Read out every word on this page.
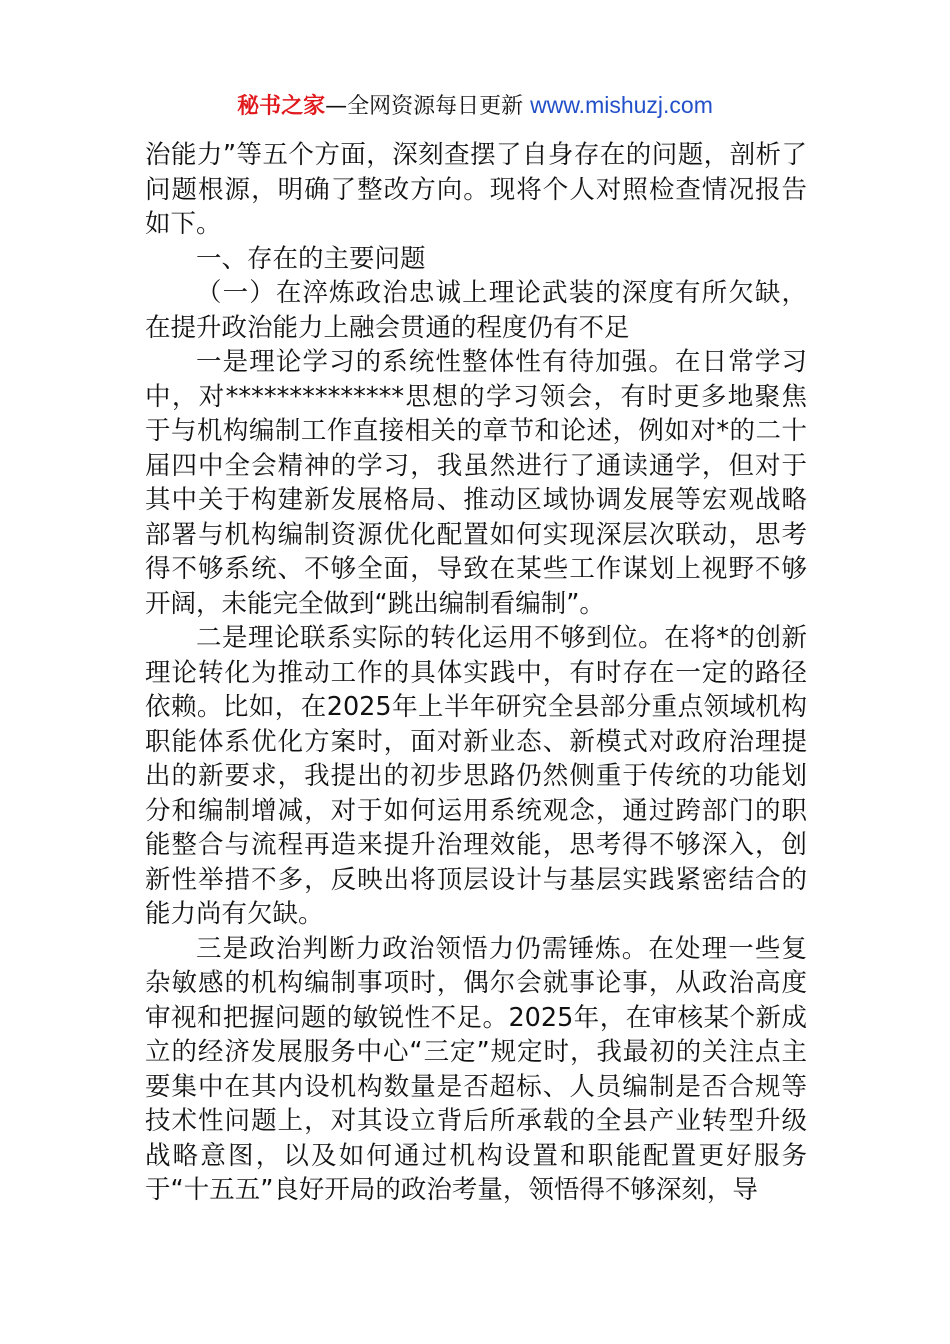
秘书之家—全网资源每日更新 www.mishuzj.com

治能力”等五个方面，深刻查摆了自身存在的问题，剖析了问题根源，明确了整改方向。现将个人对照检查情况报告如下。

一、存在的主要问题

（一）在淬炼政治忠诚上理论武装的深度有所欠缺，在提升政治能力上融会贯通的程度仍有不足

一是理论学习的系统性整体性有待加强。在日常学习中，对**************思想的学习领会，有时更多地聚焦于与机构编制工作直接相关的章节和论述，例如对*的二十届四中全会精神的学习，我虽然进行了通读通学，但对于其中关于构建新发展格局、推动区域协调发展等宏观战略部署与机构编制资源优化配置如何实现深层次联动，思考得不够系统、不够全面，导致在某些工作谋划上视野不够开阔，未能完全做到“跳出编制看编制”。

二是理论联系实际的转化运用不够到位。在将*的创新理论转化为推动工作的具体实践中，有时存在一定的路径依赖。比如，在2025年上半年研究全县部分重点领域机构职能体系优化方案时，面对新业态、新模式对政府治理提出的新要求，我提出的初步思路仍然侧重于传统的功能划分和编制增减，对于如何运用系统观念，通过跨部门的职能整合与流程再造来提升治理效能，思考得不够深入，创新性举措不多，反映出将顶层设计与基层实践紧密结合的能力尚有欠缺。

三是政治判断力政治领悟力仍需锤炼。在处理一些复杂敏感的机构编制事项时，偶尔会就事论事，从政治高度审视和把握问题的敏锐性不足。2025年，在审核某个新成立的经济发展服务中心“三定”规定时，我最初的关注点主要集中在其内设机构数量是否超标、人员编制是否合规等技术性问题上，对其设立背后所承载的全县产业转型升级战略意图，以及如何通过机构设置和职能配置更好服务于“十五五”良好开局的政治考量，领悟得不够深刻，导
